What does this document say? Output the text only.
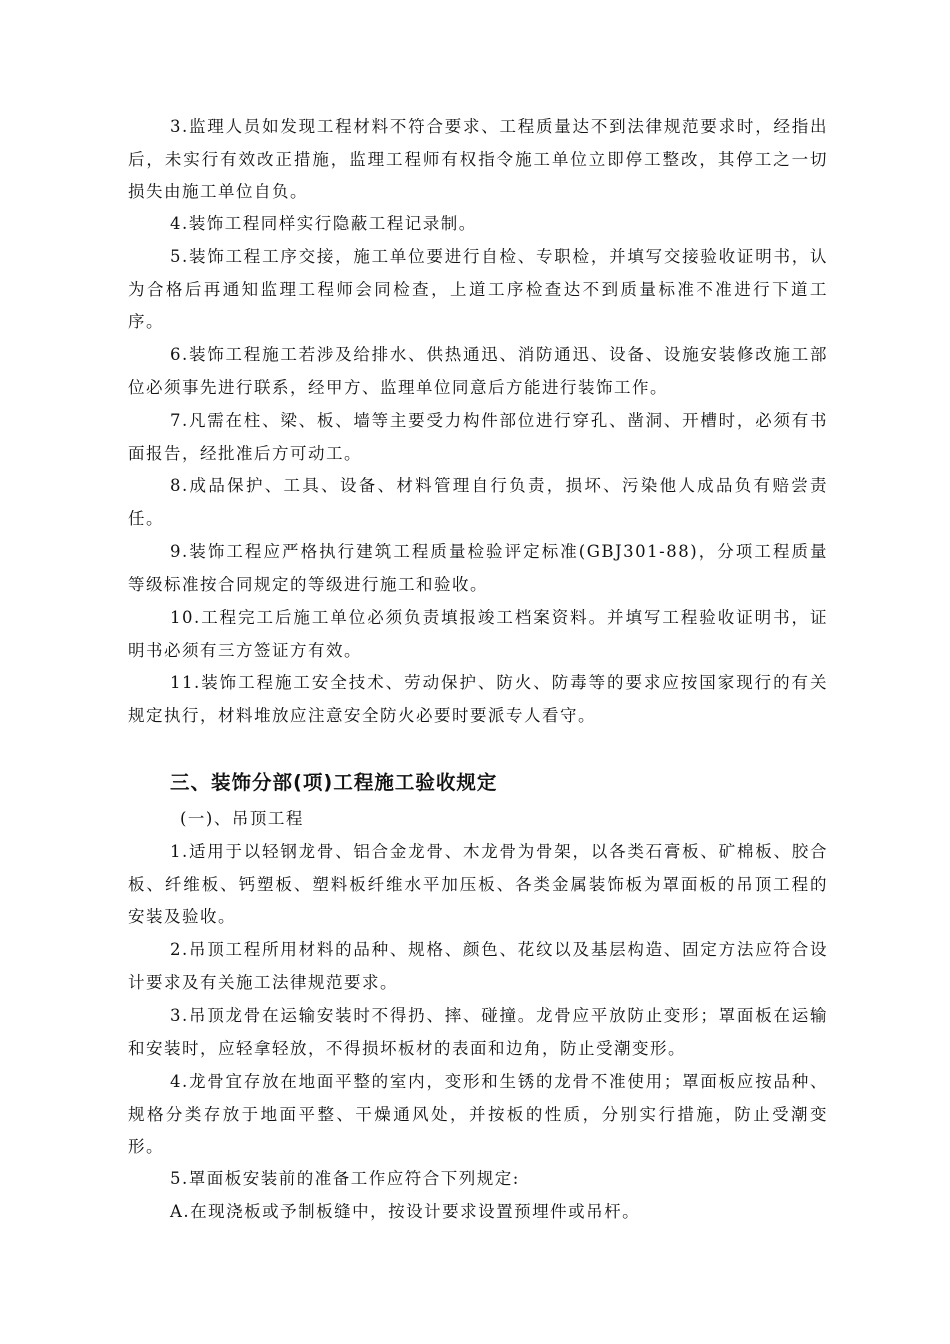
3.监理人员如发现工程材料不符合要求、工程质量达不到法律规范要求时，经指出后，未实行有效改正措施，监理工程师有权指令施工单位立即停工整改，其停工之一切损失由施工单位自负。

4.装饰工程同样实行隐蔽工程记录制。

5.装饰工程工序交接，施工单位要进行自检、专职检，并填写交接验收证明书，认为合格后再通知监理工程师会同检查，上道工序检查达不到质量标准不准进行下道工序。

6.装饰工程施工若涉及给排水、供热通迅、消防通迅、设备、设施安装修改施工部位必须事先进行联系，经甲方、监理单位同意后方能进行装饰工作。

7.凡需在柱、梁、板、墙等主要受力构件部位进行穿孔、凿洞、开槽时，必须有书面报告，经批准后方可动工。

8.成品保护、工具、设备、材料管理自行负责，损坏、污染他人成品负有赔尝责任。

9.装饰工程应严格执行建筑工程质量检验评定标准(GBJ301-88)，分项工程质量等级标准按合同规定的等级进行施工和验收。

10.工程完工后施工单位必须负责填报竣工档案资料。并填写工程验收证明书，证明书必须有三方签证方有效。

11.装饰工程施工安全技术、劳动保护、防火、防毒等的要求应按国家现行的有关规定执行，材料堆放应注意安全防火必要时要派专人看守。

三、装饰分部(项)工程施工验收规定

(一)、吊顶工程

1.适用于以轻钢龙骨、铝合金龙骨、木龙骨为骨架，以各类石膏板、矿棉板、胶合板、纤维板、钙塑板、塑料板纤维水平加压板、各类金属装饰板为罩面板的吊顶工程的安装及验收。

2.吊顶工程所用材料的品种、规格、颜色、花纹以及基层构造、固定方法应符合设计要求及有关施工法律规范要求。

3.吊顶龙骨在运输安装时不得扔、摔、碰撞。龙骨应平放防止变形；罩面板在运输和安装时，应轻拿轻放，不得损坏板材的表面和边角，防止受潮变形。

4.龙骨宜存放在地面平整的室内，变形和生锈的龙骨不准使用；罩面板应按品种、规格分类存放于地面平整、干燥通风处，并按板的性质，分别实行措施，防止受潮变形。

5.罩面板安装前的准备工作应符合下列规定:

A.在现浇板或予制板缝中，按设计要求设置预埋件或吊杆。
